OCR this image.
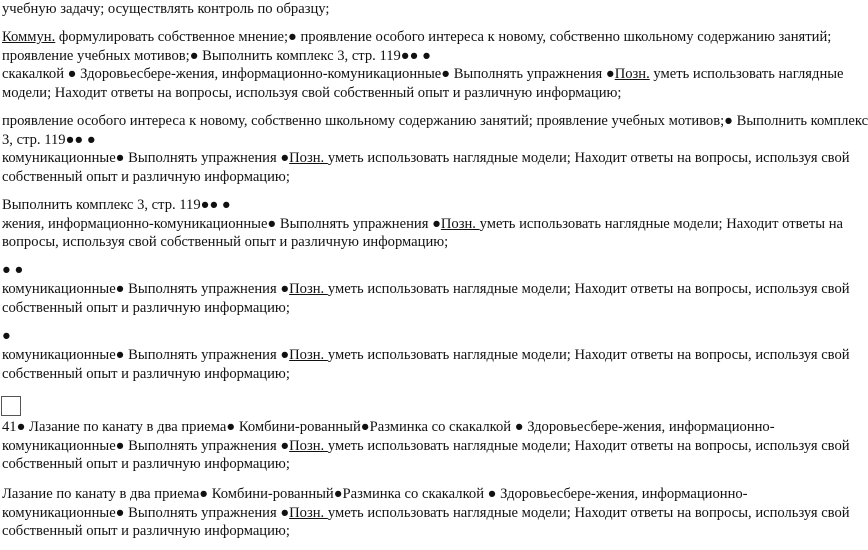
учебную задачу; осуществлять контроль по образцу;
Коммун. формулировать собственное мнение;● проявление особого интереса к новому, собственно школьному содержанию занятий;
проявление учебных мотивов;● Выполнить комплекс 3, стр. 119●● ●
скакалкой ● Здоровьесбере-жения, информационно-комуникационные● Выполнять упражнения ●Позн. уметь использовать наглядные
модели; Находит ответы на вопросы, используя свой собственный опыт и различную информацию;
проявление особого интереса к новому, собственно школьному содержанию занятий; проявление учебных мотивов;● Выполнить комплекс
3, стр. 119●● ●
комуникационные● Выполнять упражнения ●Позн. уметь использовать наглядные модели; Находит ответы на вопросы, используя свой
собственный опыт и различную информацию;
Выполнить комплекс 3, стр. 119●● ●
жения, информационно-комуникационные● Выполнять упражнения ●Позн. уметь использовать наглядные модели; Находит ответы на
вопросы, используя свой собственный опыт и различную информацию;
● ●
комуникационные● Выполнять упражнения ●Позн. уметь использовать наглядные модели; Находит ответы на вопросы, используя свой
собственный опыт и различную информацию;
●
комуникационные● Выполнять упражнения ●Позн. уметь использовать наглядные модели; Находит ответы на вопросы, используя свой
собственный опыт и различную информацию;
41● Лазание по канату в два приема● Комбини-рованный●Разминка со скакалкой ● Здоровьесбере-жения, информационно-
комуникационные● Выполнять упражнения ●Позн. уметь использовать наглядные модели; Находит ответы на вопросы, используя свой
собственный опыт и различную информацию;
Лазание по канату в два приема● Комбини-рованный●Разминка со скакалкой ● Здоровьесбере-жения, информационно-
комуникационные● Выполнять упражнения ●Позн. уметь использовать наглядные модели; Находит ответы на вопросы, используя свой
собственный опыт и различную информацию;
